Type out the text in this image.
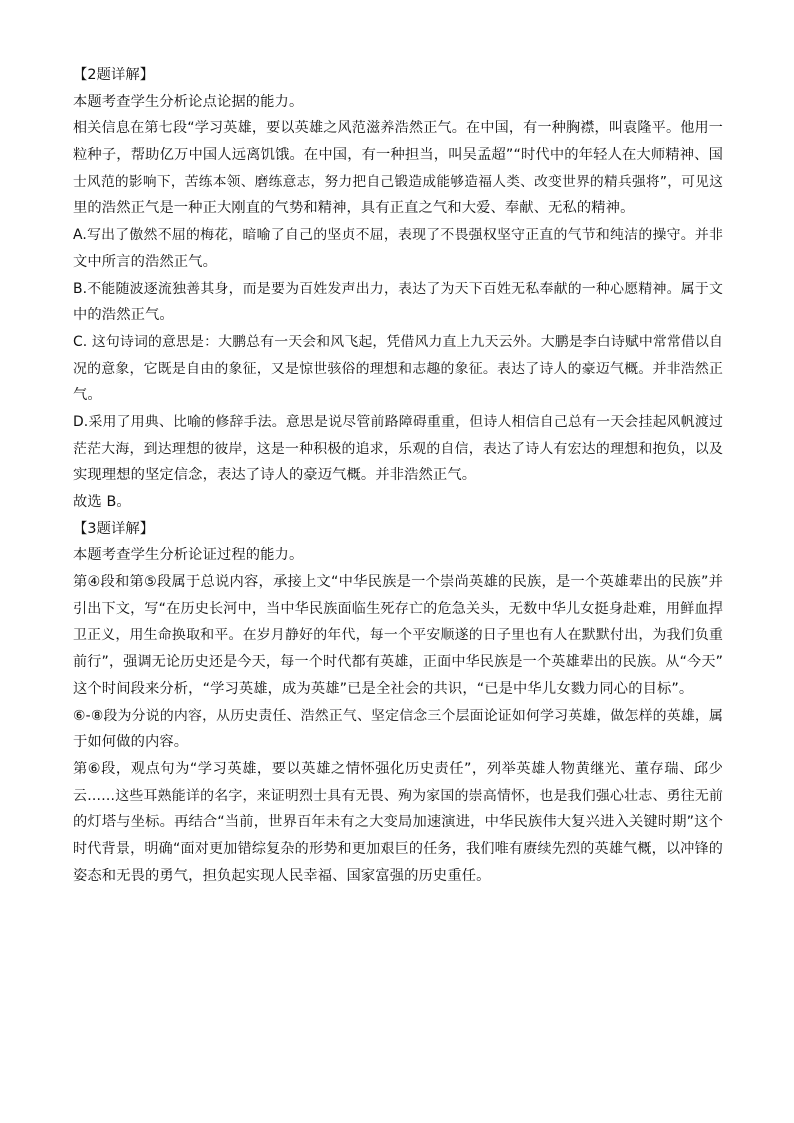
【2题详解】
本题考查学生分析论点论据的能力。
相关信息在第七段“学习英雄，要以英雄之风范滋养浩然正气。在中国，有一种胸襟，叫袁隆平。他用一
粒种子，帮助亿万中国人远离饥饿。在中国，有一种担当，叫吴孟超”“时代中的年轻人在大师精神、国
士风范的影响下，苦练本领、磨练意志，努力把自己锻造成能够造福人类、改变世界的精兵强将”，可见这
里的浩然正气是一种正大刚直的气势和精神，具有正直之气和大爱、奉献、无私的精神。
A.写出了傲然不屈的梅花，暗喻了自己的坚贞不屈，表现了不畏强权坚守正直的气节和纯洁的操守。并非
文中所言的浩然正气。
B.不能随波逐流独善其身，而是要为百姓发声出力，表达了为天下百姓无私奉献的一种心愿精神。属于文
中的浩然正气。
C. 这句诗词的意思是：大鹏总有一天会和风飞起，凭借风力直上九天云外。大鹏是李白诗赋中常常借以自
况的意象，它既是自由的象征，又是惊世骇俗的理想和志趣的象征。表达了诗人的豪迈气概。并非浩然正
气。
D.采用了用典、比喻的修辞手法。意思是说尽管前路障碍重重，但诗人相信自己总有一天会挂起风帆渡过
茫茫大海，到达理想的彼岸，这是一种积极的追求，乐观的自信，表达了诗人有宏达的理想和抱负，以及
实现理想的坚定信念，表达了诗人的豪迈气概。并非浩然正气。
故选 B。
【3题详解】
本题考查学生分析论证过程的能力。
第④段和第⑤段属于总说内容，承接上文“中华民族是一个崇尚英雄的民族，是一个英雄辈出的民族”并
引出下文，写“在历史长河中，当中华民族面临生死存亡的危急关头，无数中华儿女挺身赴难，用鲜血捍
卫正义，用生命换取和平。在岁月静好的年代，每一个平安顺遂的日子里也有人在默默付出，为我们负重
前行”，强调无论历史还是今天，每一个时代都有英雄，正面中华民族是一个英雄辈出的民族。从“今天”
这个时间段来分析，“学习英雄，成为英雄”已是全社会的共识，“已是中华儿女戮力同心的目标”。
⑥-⑧段为分说的内容，从历史责任、浩然正气、坚定信念三个层面论证如何学习英雄，做怎样的英雄，属
于如何做的内容。
第⑥段，观点句为“学习英雄，要以英雄之情怀强化历史责任”，列举英雄人物黄继光、董存瑞、邱少
云……这些耳熟能详的名字，来证明烈士具有无畏、殉为家国的崇高情怀，也是我们强心壮志、勇往无前
的灯塔与坐标。再结合“当前，世界百年未有之大变局加速演进，中华民族伟大复兴进入关键时期”这个
时代背景，明确“面对更加错综复杂的形势和更加艰巨的任务，我们唯有赓续先烈的英雄气概，以冲锋的
姿态和无畏的勇气，担负起实现人民幸福、国家富强的历史重任。
